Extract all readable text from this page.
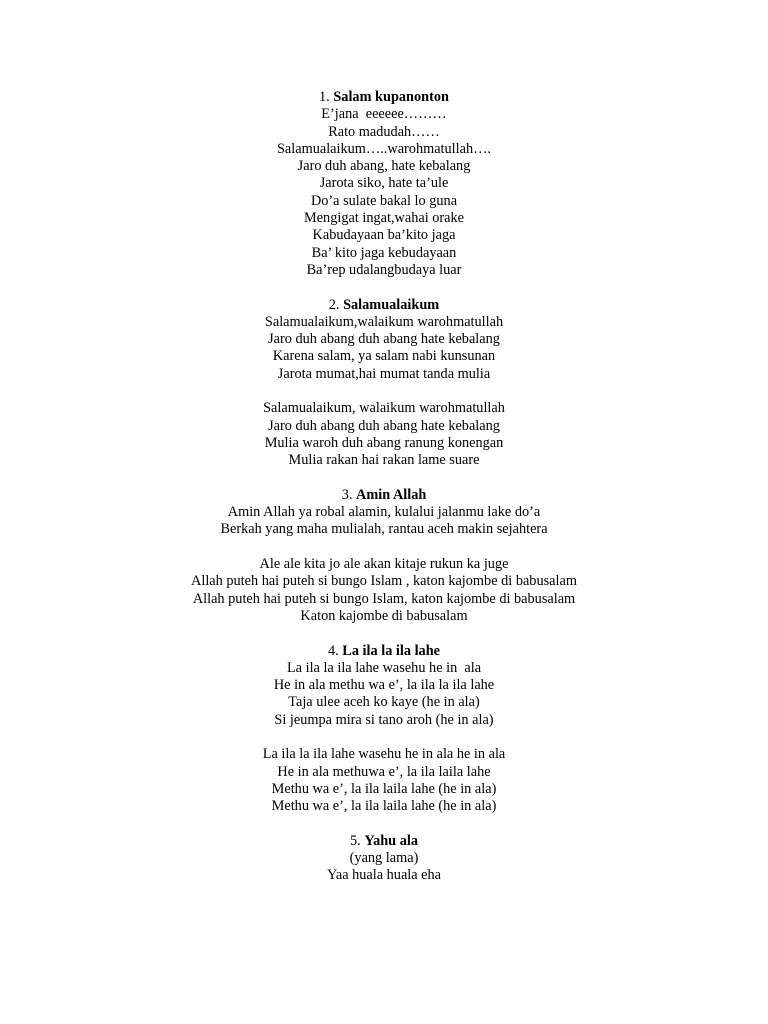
1. Salam kupanonton
E’jana  eeeeee………
Rato madudah……
Salamualaikum…..warohmatullah….
Jaro duh abang, hate kebalang
Jarota siko, hate ta’ule
Do’a sulate bakal lo guna
Mengigat ingat,wahai orake
Kabudayaan ba’kito jaga
Ba’ kito jaga kebudayaan
Ba’rep udalangbudaya luar
2. Salamualaikum
Salamualaikum,walaikum warohmatullah
Jaro duh abang duh abang hate kebalang
Karena salam, ya salam nabi kunsunan
Jarota mumat,hai mumat tanda mulia
Salamualaikum, walaikum warohmatullah
Jaro duh abang duh abang hate kebalang
Mulia waroh duh abang ranung konengan
Mulia rakan hai rakan lame suare
3. Amin Allah
Amin Allah ya robal alamin, kulalui jalanmu lake do’a
Berkah yang maha mulialah, rantau aceh makin sejahtera
Ale ale kita jo ale akan kitaje rukun ka juge
Allah puteh hai puteh si bungo Islam , katon kajombe di babusalam
Allah puteh hai puteh si bungo Islam, katon kajombe di babusalam
Katon kajombe di babusalam
4. La ila la ila lahe
La ila la ila lahe wasehu he in  ala
He in ala methu wa e’, la ila la ila lahe
Taja ulee aceh ko kaye (he in ala)
Si jeumpa mira si tano aroh (he in ala)
La ila la ila lahe wasehu he in ala he in ala
He in ala methuwa e’, la ila laila lahe
Methu wa e’, la ila laila lahe (he in ala)
Methu wa e’, la ila laila lahe (he in ala)
5. Yahu ala
(yang lama)
Yaa huala huala eha
